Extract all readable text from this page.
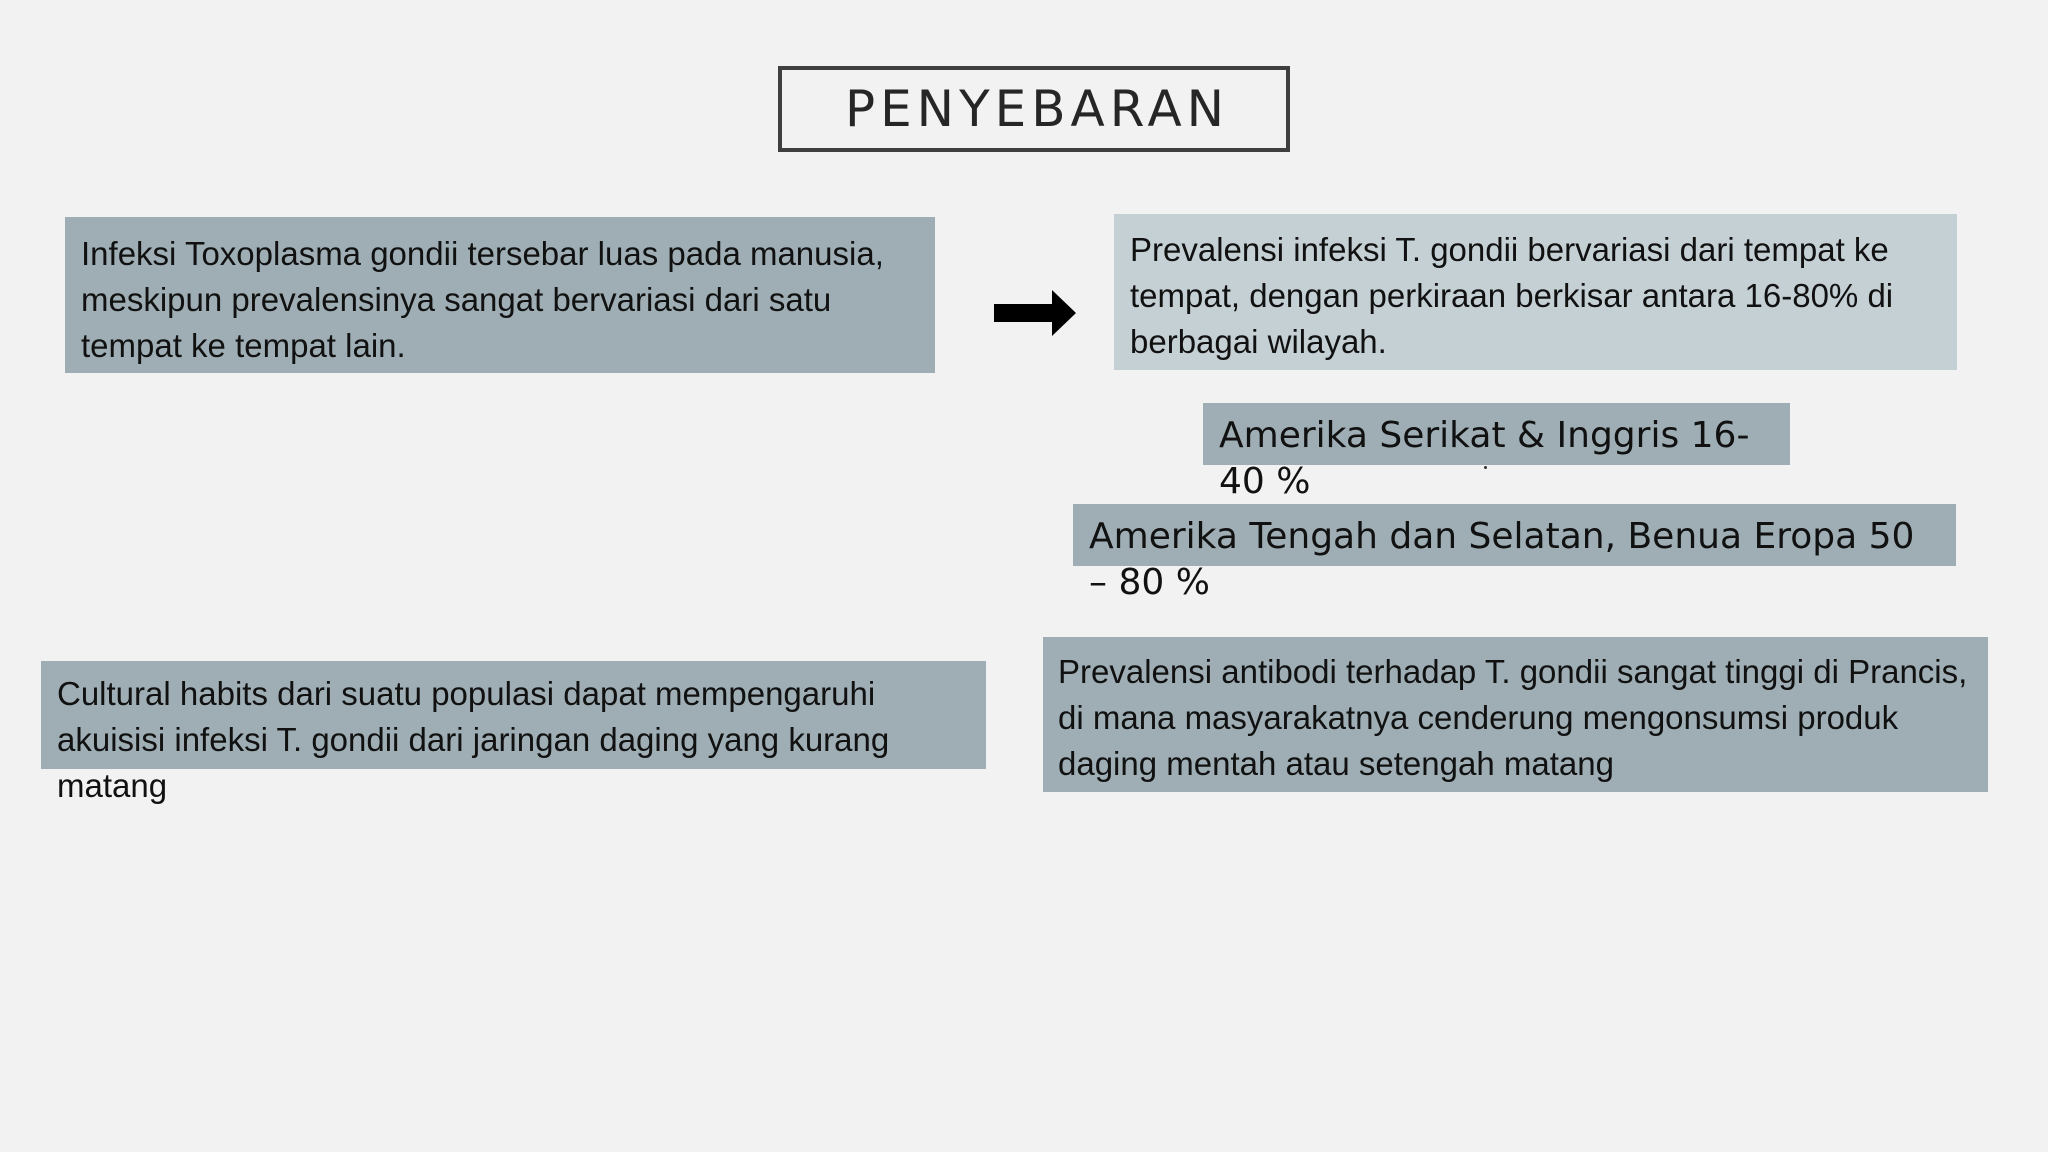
PENYEBARAN
Infeksi Toxoplasma gondii tersebar luas pada manusia, meskipun prevalensinya sangat bervariasi dari satu tempat ke tempat lain.
Prevalensi infeksi T. gondii bervariasi dari tempat ke tempat, dengan perkiraan berkisar antara 16-80% di berbagai wilayah.
Amerika Serikat & Inggris 16-40 %
Amerika Tengah dan Selatan, Benua Eropa 50 – 80 %
Cultural habits dari suatu populasi dapat mempengaruhi akuisisi infeksi T. gondii dari jaringan daging yang kurang matang
Prevalensi antibodi terhadap T. gondii sangat tinggi di Prancis, di mana masyarakatnya cenderung mengonsumsi produk daging mentah atau setengah matang
